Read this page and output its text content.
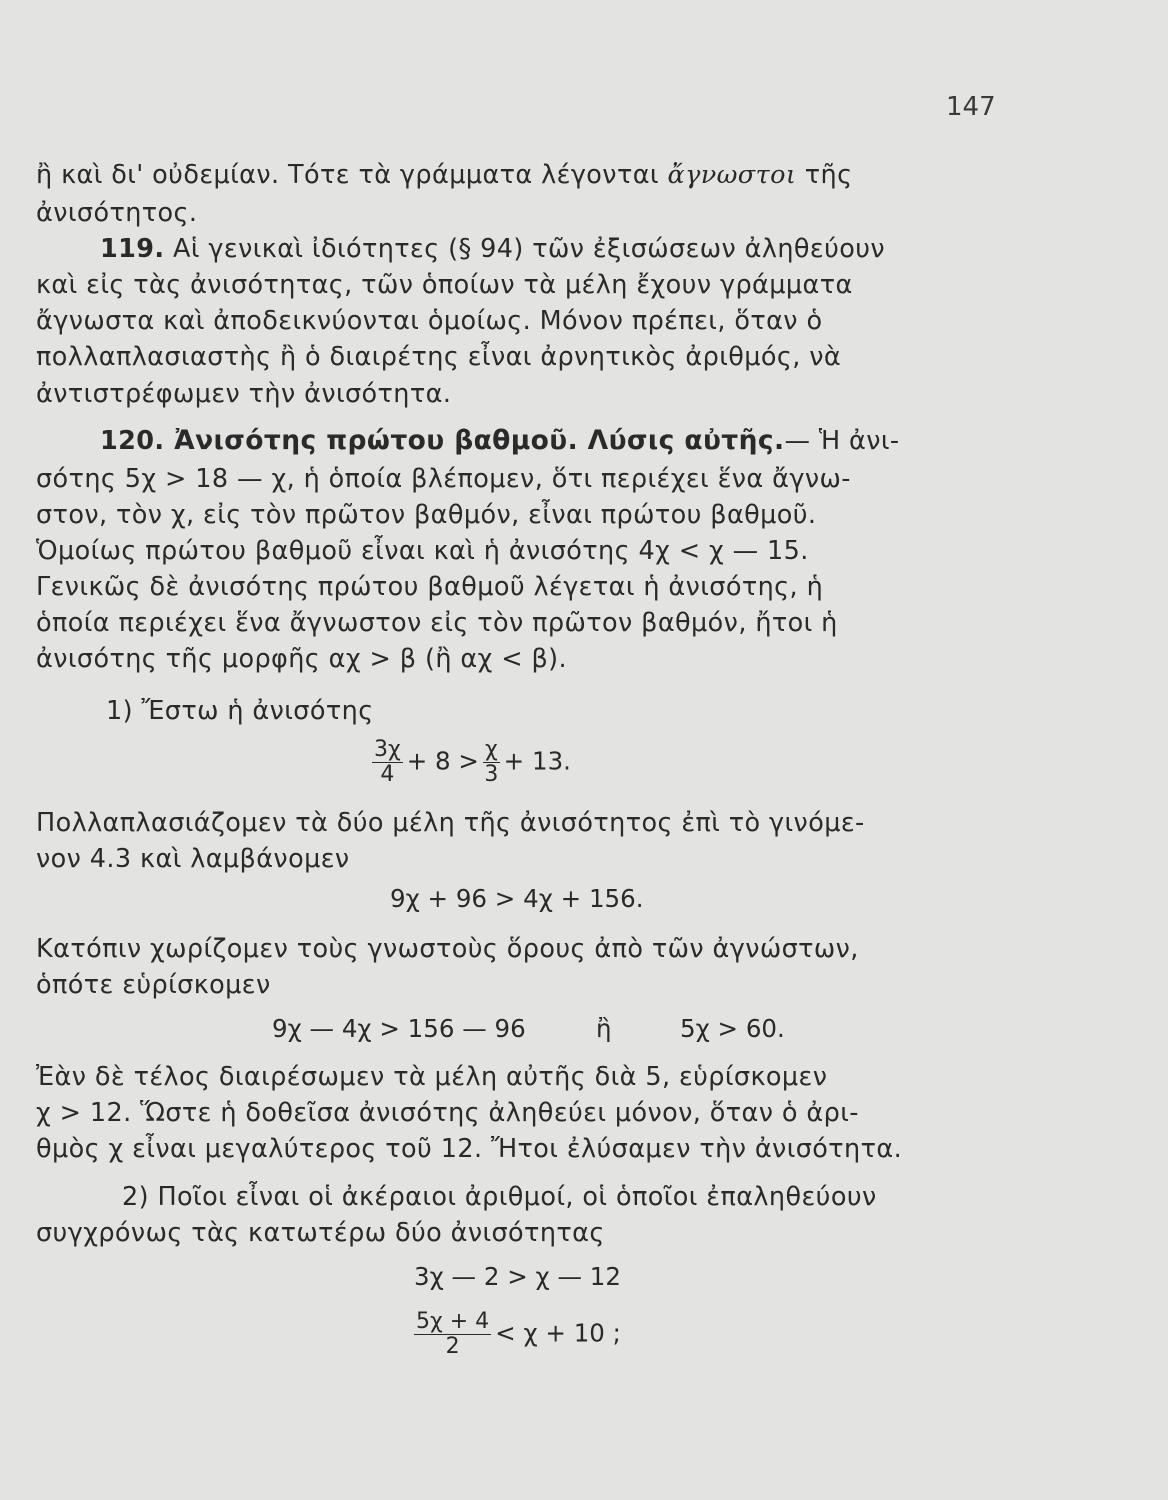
147
ἢ καὶ δι' οὐδεμίαν. Τότε τὰ γράμματα λέγονται ἄγνωστοι τῆς
ἀνισότητος.
119. Αἱ γενικαὶ ἰδιότητες (§ 94) τῶν ἐξισώσεων ἀληθεύουν
καὶ εἰς τὰς ἀνισότητας, τῶν ὁποίων τὰ μέλη ἔχουν γράμματα
ἄγνωστα καὶ ἀποδεικνύονται ὁμοίως. Μόνον πρέπει, ὅταν ὁ
πολλαπλασιαστὴς ἢ ὁ διαιρέτης εἶναι ἀρνητικὸς ἀριθμός, νὰ
ἀντιστρέφωμεν τὴν ἀνισότητα.
120. Ἀνισότης πρώτου βαθμοῦ. Λύσις αὐτῆς.— Ἡ ἀνι-
σότης 5χ > 18 — χ, ἡ ὁποία βλέπομεν, ὅτι περιέχει ἕνα ἄγνω-
στον, τὸν χ, εἰς τὸν πρῶτον βαθμόν, εἶναι πρώτου βαθμοῦ.
Ὁμοίως πρώτου βαθμοῦ εἶναι καὶ ἡ ἀνισότης 4χ < χ — 15.
Γενικῶς δὲ ἀνισότης πρώτου βαθμοῦ λέγεται ἡ ἀνισότης, ἡ
ὁποία περιέχει ἕνα ἄγνωστον εἰς τὸν πρῶτον βαθμόν, ἤτοι ἡ
ἀνισότης τῆς μορφῆς αχ > β (ἢ αχ < β).
1) Ἔστω ἡ ἀνισότης
$\frac{3\chi}{4} + 8 > \frac{\chi}{3} + 13$.
Πολλαπλασιάζομεν τὰ δύο μέλη τῆς ἀνισότητος ἐπὶ τὸ γινόμε-
νον 4.3 καὶ λαμβάνομεν
9χ + 96 > 4χ + 156.
Κατόπιν χωρίζομεν τοὺς γνωστοὺς ὅρους ἀπὸ τῶν ἀγνώστων,
ὁπότε εὑρίσκομεν
9χ — 4χ > 156 — 96	ἢ	5χ > 60.
Ἐὰν δὲ τέλος διαιρέσωμεν τὰ μέλη αὐτῆς διὰ 5, εὑρίσκομεν
χ > 12. Ὥστε ἡ δοθεῖσα ἀνισότης ἀληθεύει μόνον, ὅταν ὁ ἀρι-
θμὸς χ εἶναι μεγαλύτερος τοῦ 12. Ἤτοι ἐλύσαμεν τὴν ἀνισότητα.
2) Ποῖοι εἶναι οἱ ἀκέραιοι ἀριθμοί, οἱ ὁποῖοι ἐπαληθεύουν
συγχρόνως τὰς κατωτέρω δύο ἀνισότητας
3χ — 2 > χ — 12
$\frac{5\chi + 4}{2} < \chi + 10$ ;
